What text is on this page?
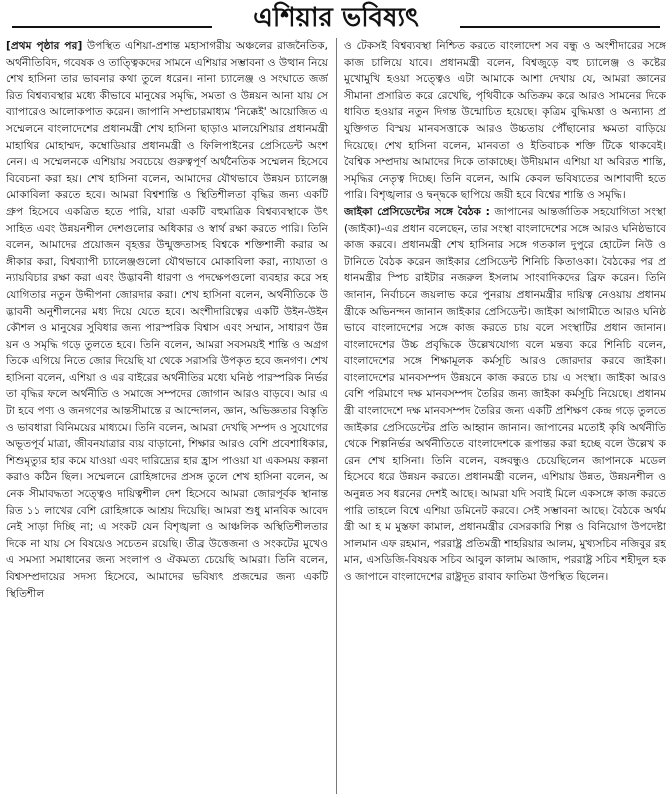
এশিয়ার ভবিষ্যৎ

[প্রথম পৃষ্ঠার পর] উপস্থিত এশিয়া-প্রশান্ত মহাসাগরীয় অঞ্চলের রাজনৈতিক, অর্থনীতিবিদ, গবেষক ও তাত্ত্বিকদের সামনে এশিয়ার সম্ভাবনা ও উত্থান নিয়ে শেখ হাসিনা তার ভাবনার কথা তুলে ধরেন। নানা চ্যালেঞ্জ ও সংঘাতে জর্জরিত বিশ্বব্যবস্থার মধ্যে কীভাবে মানুষের সমৃদ্ধি, সমতা ও উন্নয়ন আনা যায় সে ব্যাপারেও আলোকপাত করেন। জাপানি সম্প্রচারমাধ্যম 'নিক্কেই' আয়োজিত এ সম্মেলনে বাংলাদেশের প্রধানমন্ত্রী শেখ হাসিনা ছাড়াও মালয়েশিয়ার প্রধানমন্ত্রী মাহাথির মোহাম্মদ, কম্বোডিয়ার প্রধানমন্ত্রী ও ফিলিপাইনের প্রেসিডেন্ট অংশ নেন। এ সম্মেলনকে এশিয়ায় সবচেয়ে গুরুত্বপূর্ণ অর্থনৈতিক সম্মেলন হিসেবে বিবেচনা করা হয়। শেখ হাসিনা বলেন, আমাদের যৌথভাবে উন্নয়ন চ্যালেঞ্জ মোকাবিলা করতে হবে। আমরা বিশ্বশান্তি ও স্থিতিশীলতা বৃদ্ধির জন্য একটি গ্রুপ হিসেবে একত্রিত হতে পারি, যারা একটি বহুমাত্রিক বিশ্বব্যবস্থাকে উৎসাহিত এবং উন্নয়নশীল দেশগুলোর অধিকার ও স্বার্থ রক্ষা করতে পারি। তিনি বলেন, আমাদের প্রয়োজন বৃহত্তর উন্মুক্ততাসহ বিশ্বকে শক্তিশালী করার অঙ্গীকার করা, বিশ্বব্যাপী চ্যালেঞ্জগুলো যৌথভাবে মোকাবিলা করা, ন্যায্যতা ও ন্যায়বিচার রক্ষা করা এবং উদ্ভাবনী ধারণা ও পদক্ষেপগুলো ব্যবহার করে সহযোগিতার নতুন উদ্দীপনা জোরদার করা। শেখ হাসিনা বলেন, অর্থনীতিকে উদ্ভাবনী অনুশীলনের মধ্য দিয়ে যেতে হবে। অংশীদারিত্বের একটি উইন-উইন কৌশল ও মানুষের সুবিধার জন্য পারস্পরিক বিশ্বাস এবং সম্মান, সাধারণ উন্নয়ন ও সমৃদ্ধি গড়ে তুলতে হবে। তিনি বলেন, আমরা সবসময়ই শান্তি ও অগ্রগতিকে এগিয়ে নিতে জোর দিয়েছি যা থেকে সরাসরি উপকৃত হবে জনগণ। শেখ হাসিনা বলেন, এশিয়া ও এর বাইরের অর্থনীতির মধ্যে ঘনিষ্ঠ পারস্পরিক নির্ভরতা বৃদ্ধির ফলে অর্থনীতি ও সমাজে সম্পদের জোগান আরও বাড়বে। আর এটা হবে পণ্য ও জনগণের আন্তসীমান্তে র আন্দোলন, জ্ঞান, অভিজ্ঞতার বিস্তৃতি ও ভাবধারা বিনিময়ের মাধ্যমে। তিনি বলেন, আমরা দেখছি সম্পদ ও সুযোগের অভূতপূর্ব মাত্রা, জীবনযাত্রার ব্যয় বাড়ানো, শিক্ষার আরও বেশি প্রবেশাধিকার, শিশুমৃত্যুর হার কমে যাওয়া এবং দারিদ্র্যের হার হ্রাস পাওয়া যা একসময় কল্পনা করাও কঠিন ছিল। সম্মেলনে রোহিঙ্গাদের প্রসঙ্গ তুলে শেখ হাসিনা বলেন, অনেক সীমাবদ্ধতা সত্ত্বেও দায়িত্বশীল দেশ হিসেবে আমরা জোরপূর্বক স্থানান্তরিত ১১ লাখের বেশি রোহিঙ্গাকে আশ্রয় দিয়েছি। আমরা শুধু মানবিক আবেদনেই সাড়া দিচ্ছি না; এ সংকট যেন বিশৃঙ্খলা ও আঞ্চলিক অস্থিতিশীলতার দিকে না যায় সে বিষয়েও সচেতন রয়েছি। তীব্র উত্তেজনা ও সংকটের মুখেও এ সমস্যা সমাধানের জন্য সংলাপ ও ঐকমত্য চেয়েছি আমরা। তিনি বলেন, বিশ্বসম্প্রদায়ের সদস্য হিসেবে, আমাদের ভবিষ্যৎ প্রজন্মের জন্য একটি স্থিতিশীল

ও টেকসই বিশ্বব্যবস্থা নিশ্চিত করতে বাংলাদেশ সব বন্ধু ও অংশীদারের সঙ্গে কাজ চালিয়ে যাবে। প্রধানমন্ত্রী বলেন, বিশ্বজুড়ে বহু চ্যালেঞ্জ ও কষ্টের মুখোমুখি হওয়া সত্ত্বেও এটা আমাকে আশা দেখায় যে, আমরা জ্ঞানের সীমানা প্রসারিত করে রেখেছি, পৃথিবীকে অতিক্রম করে আরও সামনের দিকে ধাবিত হওয়ার নতুন দিগন্ত উন্মোচিত হয়েছে। কৃত্রিম বুদ্ধিমত্তা ও অন্যান্য প্রযুক্তিগত বিস্ময় মানবসত্তাকে আরও উচ্চতায় পৌঁছানোর ক্ষমতা বাড়িয়ে দিয়েছে। শেখ হাসিনা বলেন, মানবতা ও ইতিবাচক শক্তি টিকে থাকবেই। বৈশ্বিক সম্প্রদায় আমাদের দিকে তাকাচ্ছে। উদীয়মান এশিয়া যা অবিরত শান্তি, সমৃদ্ধির নেতৃত্ব দিচ্ছে। তিনি বলেন, আমি কেবল ভবিষ্যতের আশাবাদী হতে পারি। বিশৃঙ্খলার ও দ্বন্দ্বকে ছাপিয়ে জয়ী হবে বিশ্বের শান্তি ও সমৃদ্ধি।

জাইকা প্রেসিডেন্টের সঙ্গে বৈঠক : জাপানের আন্তর্জাতিক সহযোগিতা সংস্থা (জাইকা)-এর প্রধান বলেছেন, তার সংস্থা বাংলাদেশের সঙ্গে আরও ঘনিষ্ঠভাবে কাজ করবে। প্রধানমন্ত্রী শেখ হাসিনার সঙ্গে গতকাল দুপুরে হোটেল নিউ ওটানিতে বৈঠক করেন জাইকার প্রেসিডেন্ট শিনিচি কিতাওকা। বৈঠকের পর প্রধানমন্ত্রীর স্পিচ রাইটার নজরুল ইসলাম সাংবাদিকদের ব্রিফ করেন। তিনি জানান, নির্বাচনে জয়লাভ করে পুনরায় প্রধানমন্ত্রীর দায়িত্ব নেওয়ায় প্রধানমন্ত্রীকে অভিনন্দন জানান জাইকার প্রেসিডেন্ট। জাইকা আগামীতে আরও ঘনিষ্ঠভাবে বাংলাদেশের সঙ্গে কাজ করতে চায় বলে সংস্থাটির প্রধান জানান। বাংলাদেশের উচ্চ প্রবৃদ্ধিকে উল্লেখযোগ্য বলে মন্তব্য করে শিনিচি বলেন, বাংলাদেশের সঙ্গে শিক্ষামূলক কর্মসূচি আরও জোরদার করবে জাইকা। বাংলাদেশের মানবসম্পদ উন্নয়নে কাজ করতে চায় এ সংস্থা। জাইকা আরও বেশি পরিমাণে দক্ষ মানবসম্পদ তৈরির জন্য জাইকা কর্মসূচি নিয়েছে। প্রধানমন্ত্রী বাংলাদেশে দক্ষ মানবসম্পদ তৈরির জন্য একটি প্রশিক্ষণ কেন্দ্র গড়ে তুলতে জাইকার প্রেসিডেন্টের প্রতি আহ্বান জানান। জাপানের মতোই কৃষি অর্থনীতি থেকে শিল্পনির্ভর অর্থনীতিতে বাংলাদেশকে রূপান্তর করা হচ্ছে বলে উল্লেখ করেন শেখ হাসিনা। তিনি বলেন, বঙ্গবন্ধুও চেয়েছিলেন জাপানকে মডেল হিসেবে ধরে উন্নয়ন করতে। প্রধানমন্ত্রী বলেন, এশিয়ায় উন্নত, উন্নয়নশীল ও অনুন্নত সব ধরনের দেশই আছে। আমরা যদি সবাই মিলে একসঙ্গে কাজ করতে পারি তাহলে বিশ্বে এশিয়া ডমিনেট করবে। সেই সম্ভাবনা আছে। বৈঠকে অর্থমন্ত্রী আ হ ম মুস্তফা কামাল, প্রধানমন্ত্রীর বেসরকারি শিল্প ও বিনিয়োগ উপদেষ্টা সালমান এফ রহমান, পররাষ্ট্র প্রতিমন্ত্রী শাহরিয়ার আলম, মুখ্যসচিব নজিবুর রহমান, এসডিজি-বিষয়ক সচিব আবুল কালাম আজাদ, পররাষ্ট্র সচিব শহীদুল হক ও জাপানে বাংলাদেশের রাষ্ট্রদূত রাবাব ফাতিমা উপস্থিত ছিলেন।
